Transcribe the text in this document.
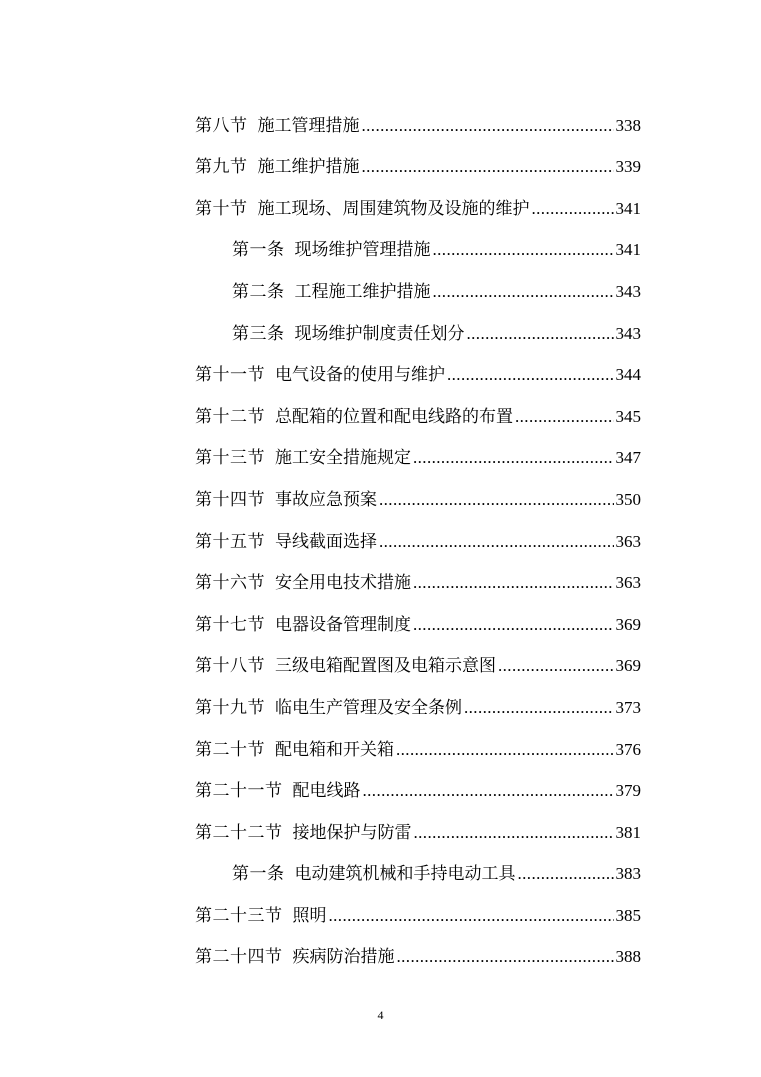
第八节 施工管理措施 .....	338
第九节 施工维护措施 .....	339
第十节 施工现场、周围建筑物及设施的维护 .....	341
第一条 现场维护管理措施 .....	341
第二条 工程施工维护措施 .....	343
第三条 现场维护制度责任划分 .....	343
第十一节 电气设备的使用与维护 .....	344
第十二节 总配箱的位置和配电线路的布置 .....	345
第十三节 施工安全措施规定 .....	347
第十四节 事故应急预案 .....	350
第十五节 导线截面选择 .....	363
第十六节 安全用电技术措施 .....	363
第十七节 电器设备管理制度 .....	369
第十八节 三级电箱配置图及电箱示意图 .....	369
第十九节 临电生产管理及安全条例 .....	373
第二十节 配电箱和开关箱 .....	376
第二十一节 配电线路 .....	379
第二十二节 接地保护与防雷 .....	381
第一条 电动建筑机械和手持电动工具 .....	383
第二十三节 照明 .....	385
第二十四节 疾病防治措施 .....	388
4
